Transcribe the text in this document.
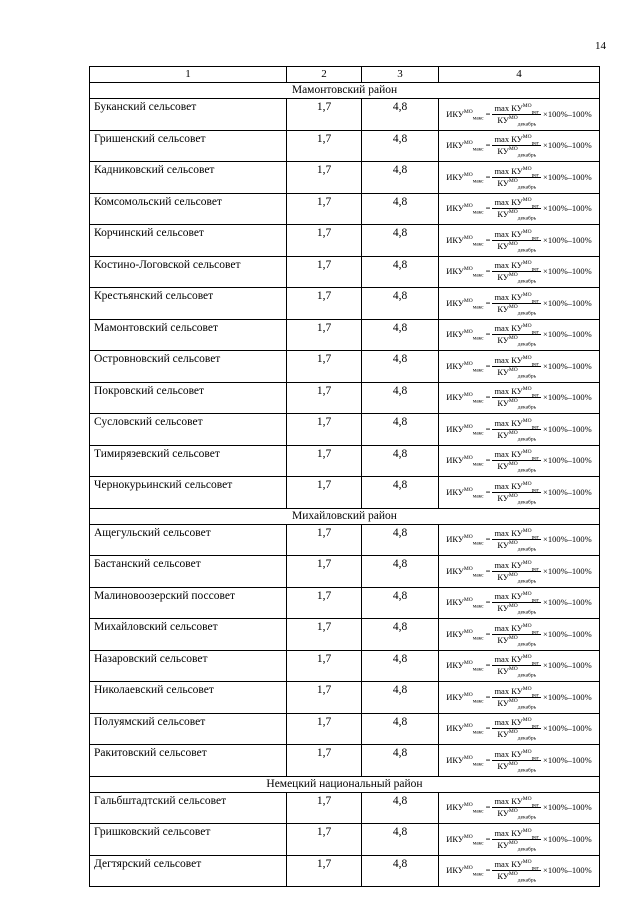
14
1	2	3	4
Мамонтовский район			
Буканский сельсовет	1,7	4,8	$ИКУ^{МО}_{макс} = \frac{\max КУ^{МО}_{рег}}{КУ^{МО}_{декабрь}} \times 100\%-100\%$

Гришенский сельсовет	1,7	4,8	$ИКУ^{МО}_{макс} = \frac{\max КУ^{МО}_{рег}}{КУ^{МО}_{декабрь}} \times 100\%-100\%$

Кадниковский сельсовет	1,7	4,8	$ИКУ^{МО}_{макс} = \frac{\max КУ^{МО}_{рег}}{КУ^{МО}_{декабрь}} \times 100\%-100\%$

Комсомольский сельсовет	1,7	4,8	$ИКУ^{МО}_{макс} = \frac{\max КУ^{МО}_{рег}}{КУ^{МО}_{декабрь}} \times 100\%-100\%$

Корчинский сельсовет	1,7	4,8	$ИКУ^{МО}_{макс} = \frac{\max КУ^{МО}_{рег}}{КУ^{МО}_{декабрь}} \times 100\%-100\%$

Костино-Логовской сельсовет	1,7	4,8	$ИКУ^{МО}_{макс} = \frac{\max КУ^{МО}_{рег}}{КУ^{МО}_{декабрь}} \times 100\%-100\%$

Крестьянский сельсовет	1,7	4,8	$ИКУ^{МО}_{макс} = \frac{\max КУ^{МО}_{рег}}{КУ^{МО}_{декабрь}} \times 100\%-100\%$

Мамонтовский сельсовет	1,7	4,8	$ИКУ^{МО}_{макс} = \frac{\max КУ^{МО}_{рег}}{КУ^{МО}_{декабрь}} \times 100\%-100\%$

Островновский сельсовет	1,7	4,8	$ИКУ^{МО}_{макс} = \frac{\max КУ^{МО}_{рег}}{КУ^{МО}_{декабрь}} \times 100\%-100\%$

Покровский сельсовет	1,7	4,8	$ИКУ^{МО}_{макс} = \frac{\max КУ^{МО}_{рег}}{КУ^{МО}_{декабрь}} \times 100\%-100\%$

Сусловский сельсовет	1,7	4,8	$ИКУ^{МО}_{макс} = \frac{\max КУ^{МО}_{рег}}{КУ^{МО}_{декабрь}} \times 100\%-100\%$

Тимирязевский сельсовет	1,7	4,8	$ИКУ^{МО}_{макс} = \frac{\max КУ^{МО}_{рег}}{КУ^{МО}_{декабрь}} \times 100\%-100\%$

Чернокурьинский сельсовет	1,7	4,8	$ИКУ^{МО}_{макс} = \frac{\max КУ^{МО}_{рег}}{КУ^{МО}_{декабрь}} \times 100\%-100\%$

Михайловский район			
Ащегульский сельсовет	1,7	4,8	$ИКУ^{МО}_{макс} = \frac{\max КУ^{МО}_{рег}}{КУ^{МО}_{декабрь}} \times 100\%-100\%$

Бастанский сельсовет	1,7	4,8	$ИКУ^{МО}_{макс} = \frac{\max КУ^{МО}_{рег}}{КУ^{МО}_{декабрь}} \times 100\%-100\%$

Малиновоозерский поссовет	1,7	4,8	$ИКУ^{МО}_{макс} = \frac{\max КУ^{МО}_{рег}}{КУ^{МО}_{декабрь}} \times 100\%-100\%$

Михайловский сельсовет	1,7	4,8	$ИКУ^{МО}_{макс} = \frac{\max КУ^{МО}_{рег}}{КУ^{МО}_{декабрь}} \times 100\%-100\%$

Назаровский сельсовет	1,7	4,8	$ИКУ^{МО}_{макс} = \frac{\max КУ^{МО}_{рег}}{КУ^{МО}_{декабрь}} \times 100\%-100\%$

Николаевский сельсовет	1,7	4,8	$ИКУ^{МО}_{макс} = \frac{\max КУ^{МО}_{рег}}{КУ^{МО}_{декабрь}} \times 100\%-100\%$

Полуямский сельсовет	1,7	4,8	$ИКУ^{МО}_{макс} = \frac{\max КУ^{МО}_{рег}}{КУ^{МО}_{декабрь}} \times 100\%-100\%$

Ракитовский сельсовет	1,7	4,8	$ИКУ^{МО}_{макс} = \frac{\max КУ^{МО}_{рег}}{КУ^{МО}_{декабрь}} \times 100\%-100\%$

Немецкий национальный район			
Гальбштадтский сельсовет	1,7	4,8	$ИКУ^{МО}_{макс} = \frac{\max КУ^{МО}_{рег}}{КУ^{МО}_{декабрь}} \times 100\%-100\%$

Гришковский сельсовет	1,7	4,8	$ИКУ^{МО}_{макс} = \frac{\max КУ^{МО}_{рег}}{КУ^{МО}_{декабрь}} \times 100\%-100\%$

Дегтярский сельсовет	1,7	4,8	$ИКУ^{МО}_{макс} = \frac{\max КУ^{МО}_{рег}}{КУ^{МО}_{декабрь}} \times 100\%-100\%$
